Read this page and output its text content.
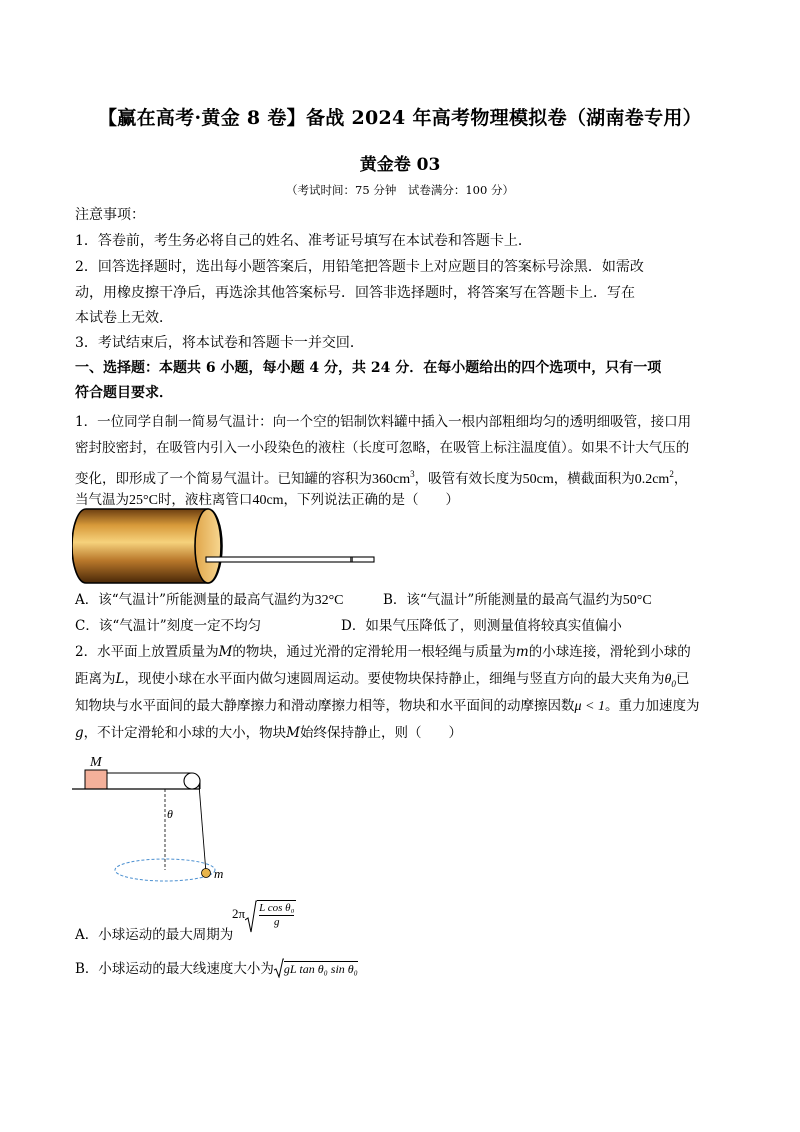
【赢在高考·黄金 8 卷】备战 2024 年高考物理模拟卷（湖南卷专用）
黄金卷 03
（考试时间：75 分钟　试卷满分：100 分）
注意事项：
1．答卷前，考生务必将自己的姓名、准考证号填写在本试卷和答题卡上．
2．回答选择题时，选出每小题答案后，用铅笔把答题卡上对应题目的答案标号涂黑．如需改
动，用橡皮擦干净后，再选涂其他答案标号．回答非选择题时，将答案写在答题卡上．写在
本试卷上无效．
3．考试结束后，将本试卷和答题卡一并交回．
一、选择题：本题共 6 小题，每小题 4 分，共 24 分．在每小题给出的四个选项中，只有一项
符合题目要求．
1．一位同学自制一简易气温计：向一个空的铝制饮料罐中插入一根内部粗细均匀的透明细吸管，接口用
密封胶密封，在吸管内引入一小段染色的液柱（长度可忽略，在吸管上标注温度值）。如果不计大气压的
变化，即形成了一个简易气温计。已知罐的容积为$360cm^3$，吸管有效长度为50cm，横截面积为$0.2cm^2$，
当气温为25°C时，液柱离管口40cm，下列说法正确的是（　　）
A．该“气温计”所能测量的最高气温约为32°C	B．该“气温计”所能测量的最高气温约为50°C
C．该“气温计”刻度一定不均匀	D．如果气压降低了，则测量值将较真实值偏小
2．水平面上放置质量为M的物块，通过光滑的定滑轮用一根轻绳与质量为m的小球连接，滑轮到小球的
距离为L，现使小球在水平面内做匀速圆周运动。要使物块保持静止，细绳与竖直方向的最大夹角为$\theta_0$已
知物块与水平面间的最大静摩擦力和滑动摩擦力相等，物块和水平面间的动摩擦因数μ < 1。重力加速度为
g，不计定滑轮和小球的大小，物块M始终保持静止，则（　　）
M
θ
m
A．小球运动的最大周期为
$2\pi \frac{\text{L cos θ₀}}{g}$
B．小球运动的最大线速度大小为 gL tan θ₀ sin θ₀
